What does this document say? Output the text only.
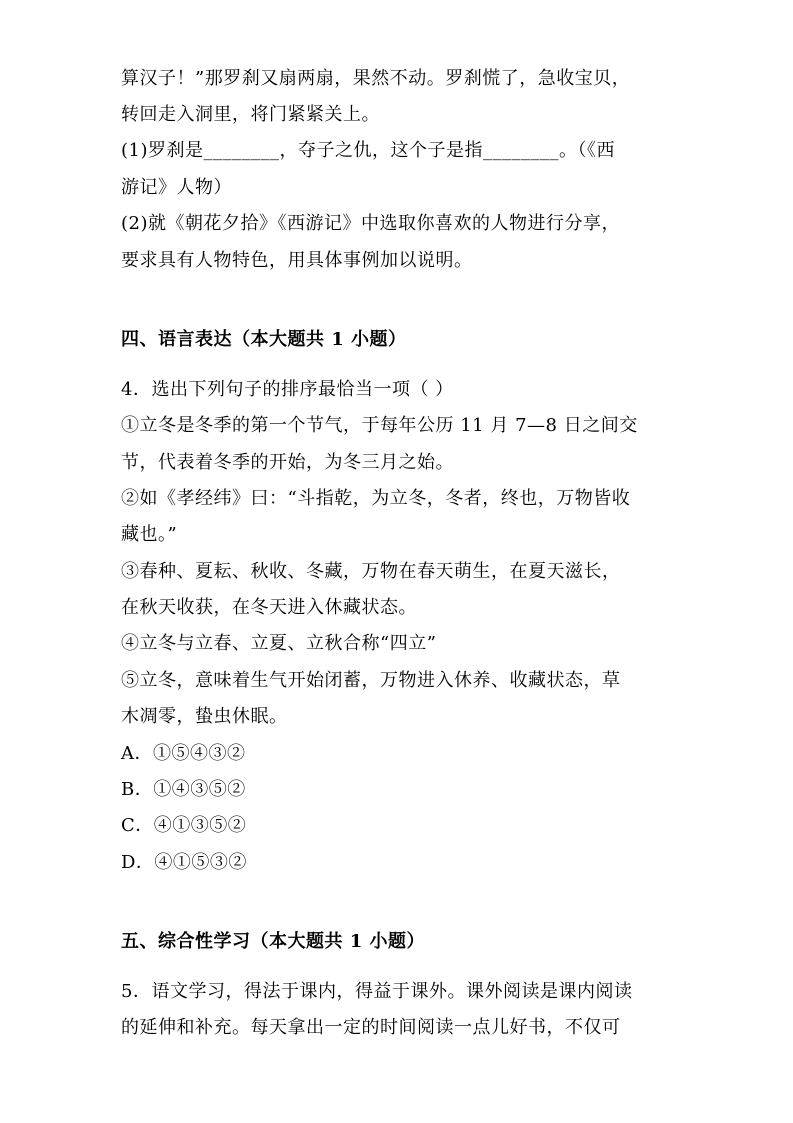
算汉子！”那罗刹又扇两扇，果然不动。罗刹慌了，急收宝贝，
转回走入洞里，将门紧紧关上。
(1)罗刹是________，夺子之仇，这个子是指________。（《西
游记》人物）
(2)就《朝花夕拾》《西游记》中选取你喜欢的人物进行分享，
要求具有人物特色，用具体事例加以说明。
四、语言表达（本大题共 1 小题）
4．选出下列句子的排序最恰当一项（ ）
①立冬是冬季的第一个节气，于每年公历 11 月 7—8 日之间交
节，代表着冬季的开始，为冬三月之始。
②如《孝经纬》曰：“斗指乾，为立冬，冬者，终也，万物皆收
藏也。”
③春种、夏耘、秋收、冬藏，万物在春天萌生，在夏天滋长，
在秋天收获，在冬天进入休藏状态。
④立冬与立春、立夏、立秋合称“四立”
⑤立冬，意味着生气开始闭蓄，万物进入休养、收藏状态，草
木凋零，蛰虫休眠。
A．①⑤④③②
B．①④③⑤②
C．④①③⑤②
D．④①⑤③②
五、综合性学习（本大题共 1 小题）
5．语文学习，得法于课内，得益于课外。课外阅读是课内阅读
的延伸和补充。每天拿出一定的时间阅读一点儿好书，不仅可
